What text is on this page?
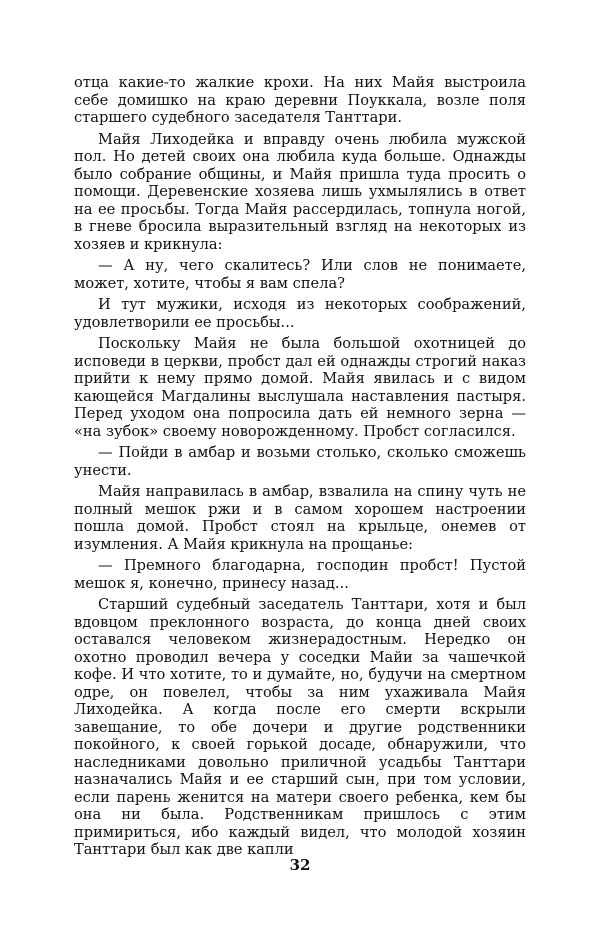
отца какие-то жалкие крохи. На них Майя выстроила себе домишко на краю деревни Поуккала, возле поля старшего судебного заседателя Танттари.

Майя Лиходейка и вправду очень любила мужской пол. Но детей своих она любила куда больше. Однажды было собрание общины, и Майя пришла туда просить о помощи. Деревенские хозяева лишь ухмылялись в ответ на ее просьбы. Тогда Майя рассердилась, топнула ногой, в гневе бросила выразительный взгляд на некоторых из хозяев и крикнула:

— А ну, чего скалитесь? Или слов не понимаете, может, хотите, чтобы я вам спела?

И тут мужики, исходя из некоторых соображений, удовлетворили ее просьбы...

Поскольку Майя не была большой охотницей до исповеди в церкви, пробст дал ей однажды строгий наказ прийти к нему прямо домой. Майя явилась и с видом кающейся Магдалины выслушала наставления пастыря. Перед уходом она попросила дать ей немного зерна — «на зубок» своему новорожденному. Пробст согласился.

— Пойди в амбар и возьми столько, сколько сможешь унести.

Майя направилась в амбар, взвалила на спину чуть не полный мешок ржи и в самом хорошем настроении пошла домой. Пробст стоял на крыльце, онемев от изумления. А Майя крикнула на прощанье:

— Премного благодарна, господин пробст! Пустой мешок я, конечно, принесу назад...

Старший судебный заседатель Танттари, хотя и был вдовцом преклонного возраста, до конца дней своих оставался человеком жизнерадостным. Нередко он охотно проводил вечера у соседки Майи за чашечкой кофе. И что хотите, то и думайте, но, будучи на смертном одре, он повелел, чтобы за ним ухаживала Майя Лиходейка. А когда после его смерти вскрыли завещание, то обе дочери и другие родственники покойного, к своей горькой досаде, обнаружили, что наследниками довольно приличной усадьбы Танттари назначались Майя и ее старший сын, при том условии, если парень женится на матери своего ребенка, кем бы она ни была. Родственникам пришлось с этим примириться, ибо каждый видел, что молодой хозяин Танттари был как две капли

32
